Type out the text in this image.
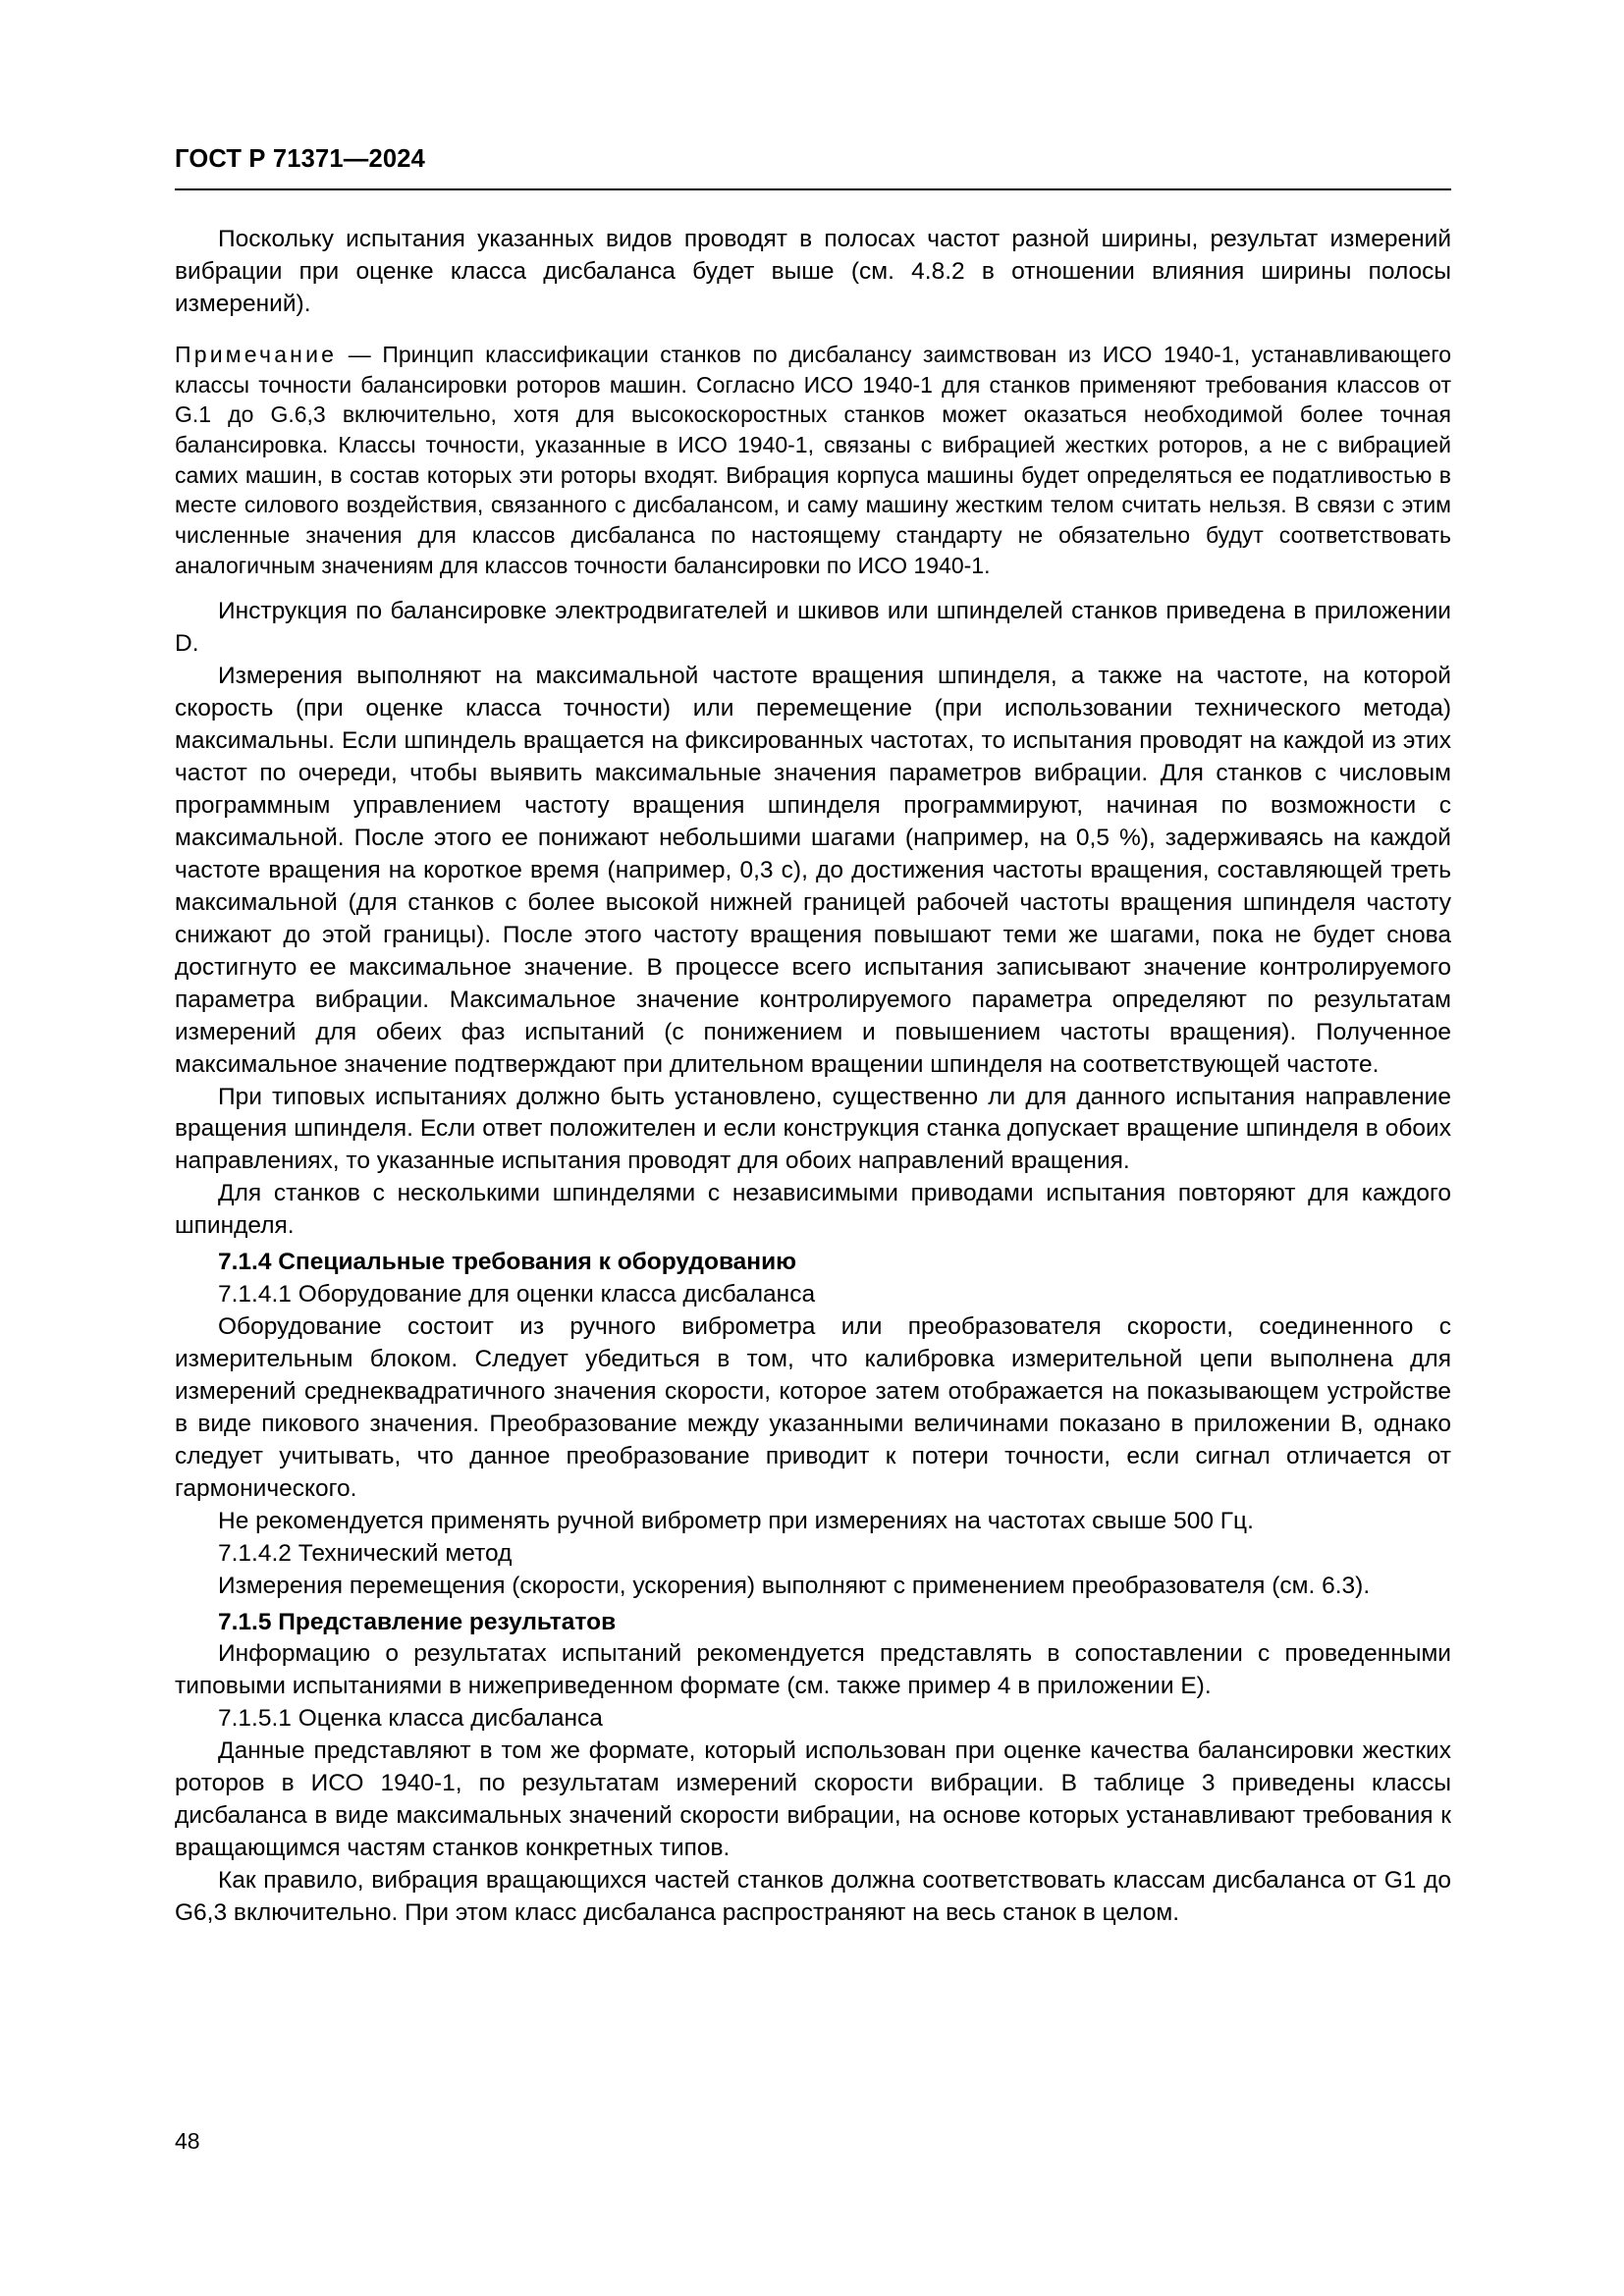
ГОСТ Р 71371—2024

Поскольку испытания указанных видов проводят в полосах частот разной ширины, результат измерений вибрации при оценке класса дисбаланса будет выше (см. 4.8.2 в отношении влияния ширины полосы измерений).

Примечание — Принцип классификации станков по дисбалансу заимствован из ИСО 1940-1, устанавливающего классы точности балансировки роторов машин. Согласно ИСО 1940-1 для станков применяют требования классов от G.1 до G.6,3 включительно, хотя для высокоскоростных станков может оказаться необходимой более точная балансировка. Классы точности, указанные в ИСО 1940-1, связаны с вибрацией жестких роторов, а не с вибрацией самих машин, в состав которых эти роторы входят. Вибрация корпуса машины будет определяться ее податливостью в месте силового воздействия, связанного с дисбалансом, и саму машину жестким телом считать нельзя. В связи с этим численные значения для классов дисбаланса по настоящему стандарту не обязательно будут соответствовать аналогичным значениям для классов точности балансировки по ИСО 1940-1.

Инструкция по балансировке электродвигателей и шкивов или шпинделей станков приведена в приложении D.

Измерения выполняют на максимальной частоте вращения шпинделя, а также на частоте, на которой скорость (при оценке класса точности) или перемещение (при использовании технического метода) максимальны. Если шпиндель вращается на фиксированных частотах, то испытания проводят на каждой из этих частот по очереди, чтобы выявить максимальные значения параметров вибрации. Для станков с числовым программным управлением частоту вращения шпинделя программируют, начиная по возможности с максимальной. После этого ее понижают небольшими шагами (например, на 0,5 %), задерживаясь на каждой частоте вращения на короткое время (например, 0,3 с), до достижения частоты вращения, составляющей треть максимальной (для станков с более высокой нижней границей рабочей частоты вращения шпинделя частоту снижают до этой границы). После этого частоту вращения повышают теми же шагами, пока не будет снова достигнуто ее максимальное значение. В процессе всего испытания записывают значение контролируемого параметра вибрации. Максимальное значение контролируемого параметра определяют по результатам измерений для обеих фаз испытаний (с понижением и повышением частоты вращения). Полученное максимальное значение подтверждают при длительном вращении шпинделя на соответствующей частоте.

При типовых испытаниях должно быть установлено, существенно ли для данного испытания направление вращения шпинделя. Если ответ положителен и если конструкция станка допускает вращение шпинделя в обоих направлениях, то указанные испытания проводят для обоих направлений вращения.

Для станков с несколькими шпинделями с независимыми приводами испытания повторяют для каждого шпинделя.

7.1.4 Специальные требования к оборудованию

7.1.4.1 Оборудование для оценки класса дисбаланса

Оборудование состоит из ручного виброметра или преобразователя скорости, соединенного с измерительным блоком. Следует убедиться в том, что калибровка измерительной цепи выполнена для измерений среднеквадратичного значения скорости, которое затем отображается на показывающем устройстве в виде пикового значения. Преобразование между указанными величинами показано в приложении B, однако следует учитывать, что данное преобразование приводит к потери точности, если сигнал отличается от гармонического.

Не рекомендуется применять ручной виброметр при измерениях на частотах свыше 500 Гц.

7.1.4.2 Технический метод

Измерения перемещения (скорости, ускорения) выполняют с применением преобразователя (см. 6.3).

7.1.5 Представление результатов

Информацию о результатах испытаний рекомендуется представлять в сопоставлении с проведенными типовыми испытаниями в нижеприведенном формате (см. также пример 4 в приложении Е).

7.1.5.1 Оценка класса дисбаланса

Данные представляют в том же формате, который использован при оценке качества балансировки жестких роторов в ИСО 1940-1, по результатам измерений скорости вибрации. В таблице 3 приведены классы дисбаланса в виде максимальных значений скорости вибрации, на основе которых устанавливают требования к вращающимся частям станков конкретных типов.

Как правило, вибрация вращающихся частей станков должна соответствовать классам дисбаланса от G1 до G6,3 включительно. При этом класс дисбаланса распространяют на весь станок в целом.

48
